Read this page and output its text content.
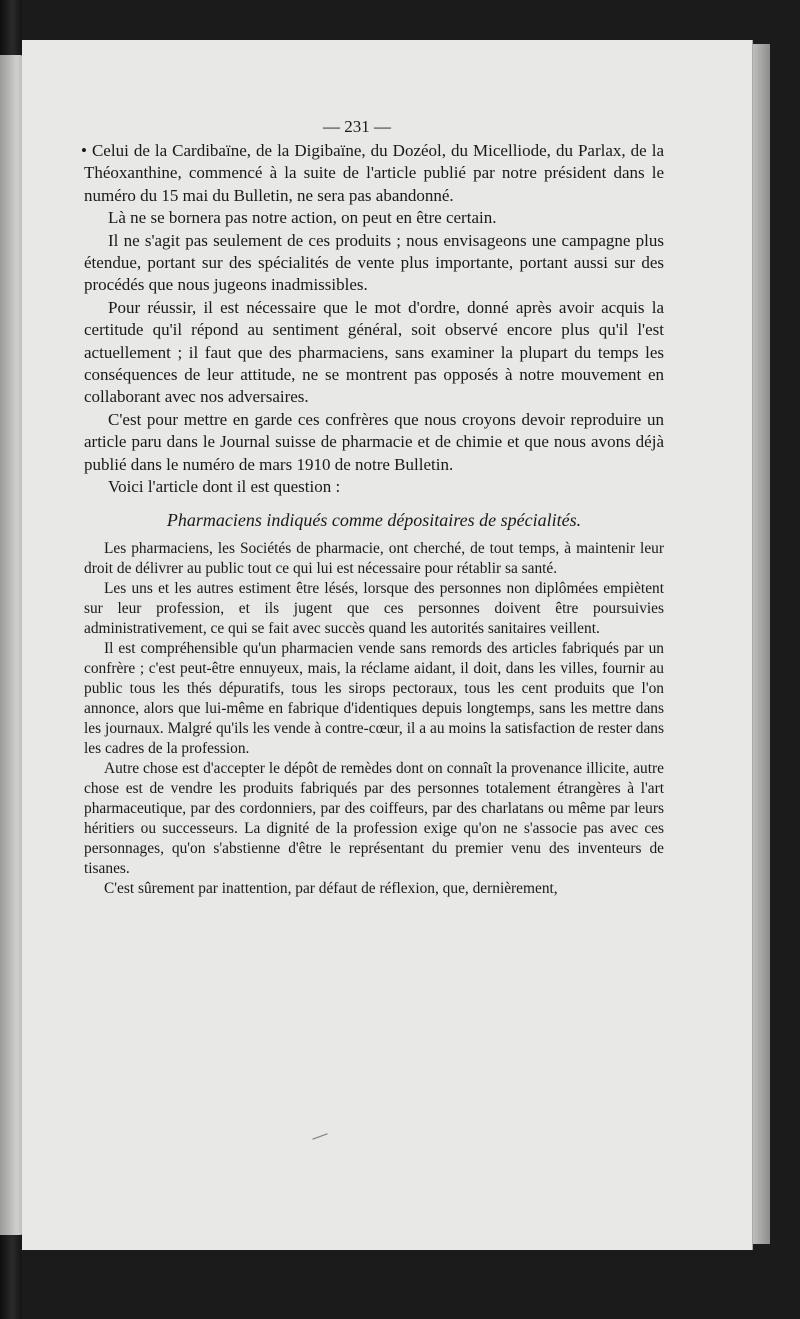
— 231 —

• Celui de la Cardibaïne, de la Digibaïne, du Dozéol, du Micelliode, du Parlax, de la Théoxanthine, commencé à la suite de l'article publié par notre président dans le numéro du 15 mai du Bulletin, ne sera pas abandonné.

Là ne se bornera pas notre action, on peut en être certain.

Il ne s'agit pas seulement de ces produits ; nous envisageons une campagne plus étendue, portant sur des spécialités de vente plus importante, portant aussi sur des procédés que nous jugeons inadmissibles.

Pour réussir, il est nécessaire que le mot d'ordre, donné après avoir acquis la certitude qu'il répond au sentiment général, soit observé encore plus qu'il l'est actuellement ; il faut que des pharmaciens, sans examiner la plupart du temps les conséquences de leur attitude, ne se montrent pas opposés à notre mouvement en collaborant avec nos adversaires.

C'est pour mettre en garde ces confrères que nous croyons devoir reproduire un article paru dans le Journal suisse de pharmacie et de chimie et que nous avons déjà publié dans le numéro de mars 1910 de notre Bulletin.

Voici l'article dont il est question :

Pharmaciens indiqués comme dépositaires de spécialités.

Les pharmaciens, les Sociétés de pharmacie, ont cherché, de tout temps, à maintenir leur droit de délivrer au public tout ce qui lui est nécessaire pour rétablir sa santé.

Les uns et les autres estiment être lésés, lorsque des personnes non diplômées empiètent sur leur profession, et ils jugent que ces personnes doivent être poursuivies administrativement, ce qui se fait avec succès quand les autorités sanitaires veillent.

Il est compréhensible qu'un pharmacien vende sans remords des articles fabriqués par un confrère ; c'est peut-être ennuyeux, mais, la réclame aidant, il doit, dans les villes, fournir au public tous les thés dépuratifs, tous les sirops pectoraux, tous les cent produits que l'on annonce, alors que lui-même en fabrique d'identiques depuis longtemps, sans les mettre dans les journaux. Malgré qu'ils les vende à contre-cœur, il a au moins la satisfaction de rester dans les cadres de la profession.

Autre chose est d'accepter le dépôt de remèdes dont on connaît la provenance illicite, autre chose est de vendre les produits fabriqués par des personnes totalement étrangères à l'art pharmaceutique, par des cordonniers, par des coiffeurs, par des charlatans ou même par leurs héritiers ou successeurs. La dignité de la profession exige qu'on ne s'associe pas avec ces personnages, qu'on s'abstienne d'être le représentant du premier venu des inventeurs de tisanes.

C'est sûrement par inattention, par défaut de réflexion, que, dernièrement,
